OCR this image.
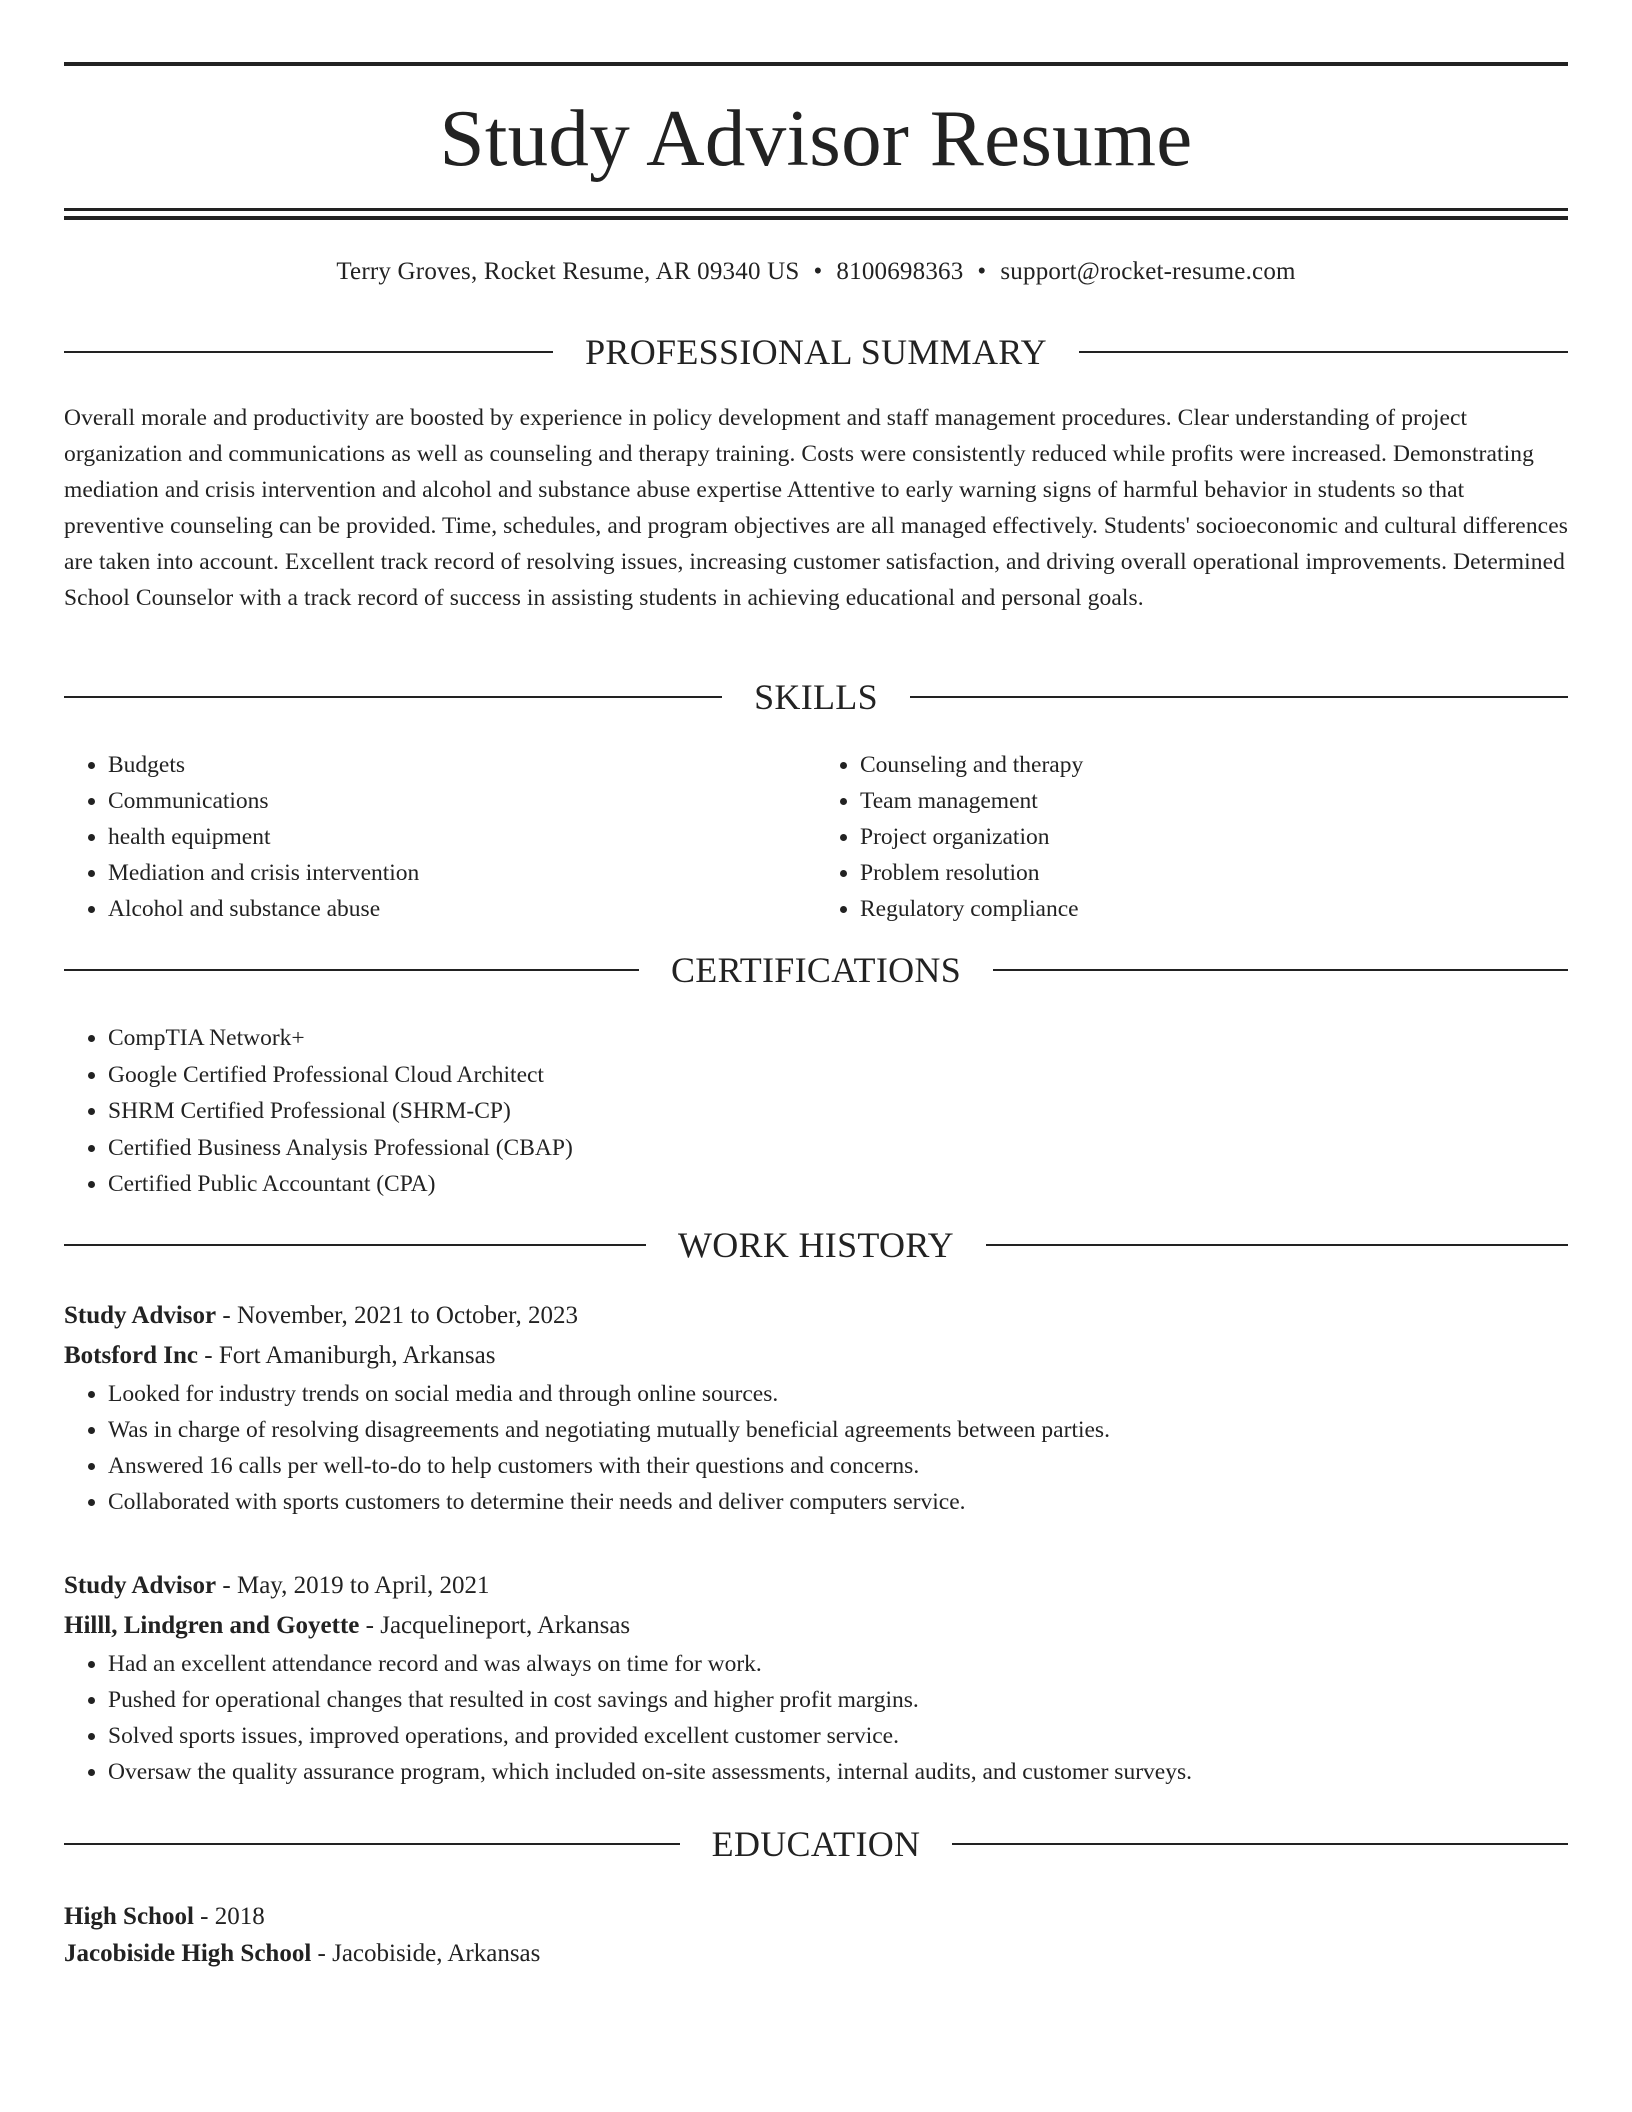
Study Advisor Resume
Terry Groves, Rocket Resume, AR 09340 US • 8100698363 • support@rocket-resume.com
PROFESSIONAL SUMMARY
Overall morale and productivity are boosted by experience in policy development and staff management procedures. Clear understanding of project organization and communications as well as counseling and therapy training. Costs were consistently reduced while profits were increased. Demonstrating mediation and crisis intervention and alcohol and substance abuse expertise Attentive to early warning signs of harmful behavior in students so that preventive counseling can be provided. Time, schedules, and program objectives are all managed effectively. Students' socioeconomic and cultural differences are taken into account. Excellent track record of resolving issues, increasing customer satisfaction, and driving overall operational improvements. Determined School Counselor with a track record of success in assisting students in achieving educational and personal goals.
SKILLS
• Budgets
• Communications
• health equipment
• Mediation and crisis intervention
• Alcohol and substance abuse
• Counseling and therapy
• Team management
• Project organization
• Problem resolution
• Regulatory compliance
CERTIFICATIONS
• CompTIA Network+
• Google Certified Professional Cloud Architect
• SHRM Certified Professional (SHRM-CP)
• Certified Business Analysis Professional (CBAP)
• Certified Public Accountant (CPA)
WORK HISTORY
Study Advisor - November, 2021 to October, 2023
Botsford Inc - Fort Amaniburgh, Arkansas
• Looked for industry trends on social media and through online sources.
• Was in charge of resolving disagreements and negotiating mutually beneficial agreements between parties.
• Answered 16 calls per well-to-do to help customers with their questions and concerns.
• Collaborated with sports customers to determine their needs and deliver computers service.
Study Advisor - May, 2019 to April, 2021
Hilll, Lindgren and Goyette - Jacquelineport, Arkansas
• Had an excellent attendance record and was always on time for work.
• Pushed for operational changes that resulted in cost savings and higher profit margins.
• Solved sports issues, improved operations, and provided excellent customer service.
• Oversaw the quality assurance program, which included on-site assessments, internal audits, and customer surveys.
EDUCATION
High School - 2018
Jacobiside High School - Jacobiside, Arkansas
